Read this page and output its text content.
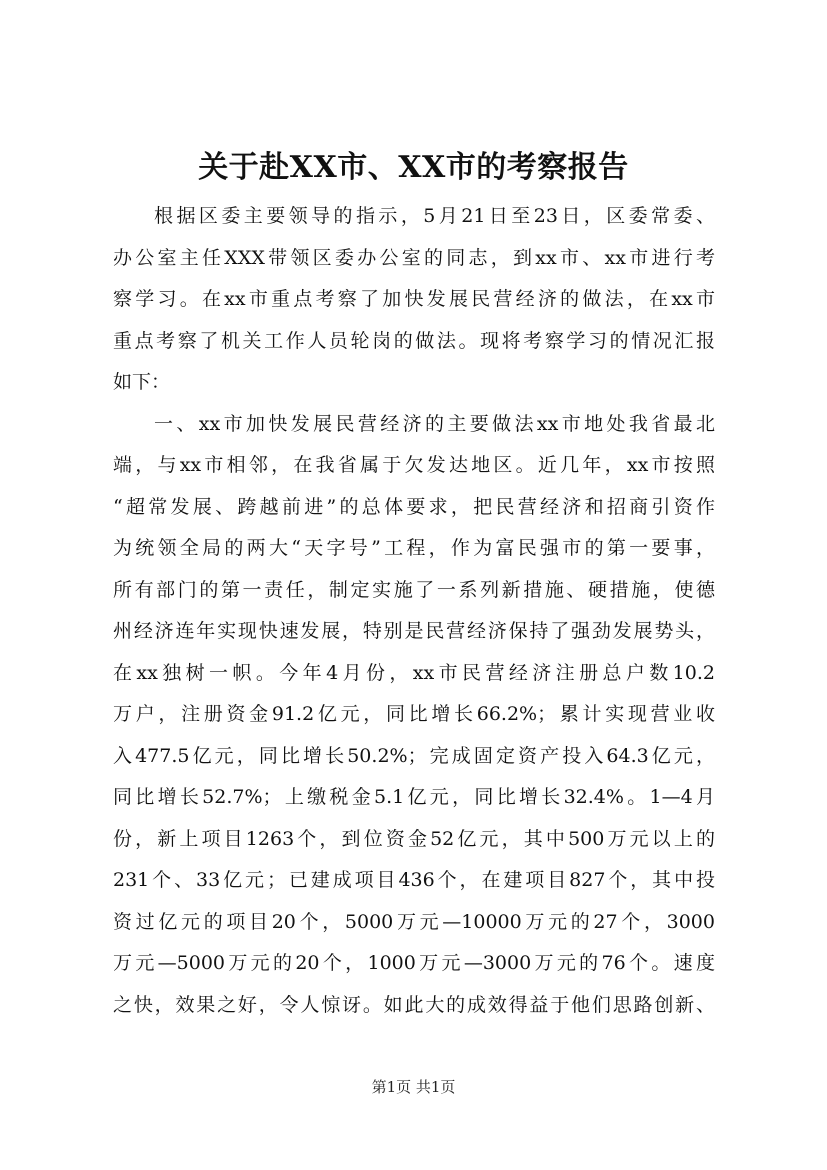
关于赴XX市、XX市的考察报告
根据区委主要领导的指示，5月21日至23日，区委常委、
办公室主任XXX带领区委办公室的同志，到xx市、xx市进行考
察学习。在xx市重点考察了加快发展民营经济的做法，在xx市
重点考察了机关工作人员轮岗的做法。现将考察学习的情况汇报
如下：
一、xx市加快发展民营经济的主要做法xx市地处我省最北
端，与xx市相邻，在我省属于欠发达地区。近几年，xx市按照
“超常发展、跨越前进”的总体要求，把民营经济和招商引资作
为统领全局的两大“天字号”工程，作为富民强市的第一要事，
所有部门的第一责任，制定实施了一系列新措施、硬措施，使德
州经济连年实现快速发展，特别是民营经济保持了强劲发展势头，
在xx独树一帜。今年4月份，xx市民营经济注册总户数10.2
万户，注册资金91.2亿元，同比增长66.2%；累计实现营业收
入477.5亿元，同比增长50.2%；完成固定资产投入64.3亿元，
同比增长52.7%；上缴税金5.1亿元，同比增长32.4%。1—4月
份，新上项目1263个，到位资金52亿元，其中500万元以上的
231个、33亿元；已建成项目436个，在建项目827个，其中投
资过亿元的项目20个，5000万元—10000万元的27个，3000
万元—5000万元的20个，1000万元—3000万元的76个。速度
之快，效果之好，令人惊讶。如此大的成效得益于他们思路创新、
第1页 共1页
